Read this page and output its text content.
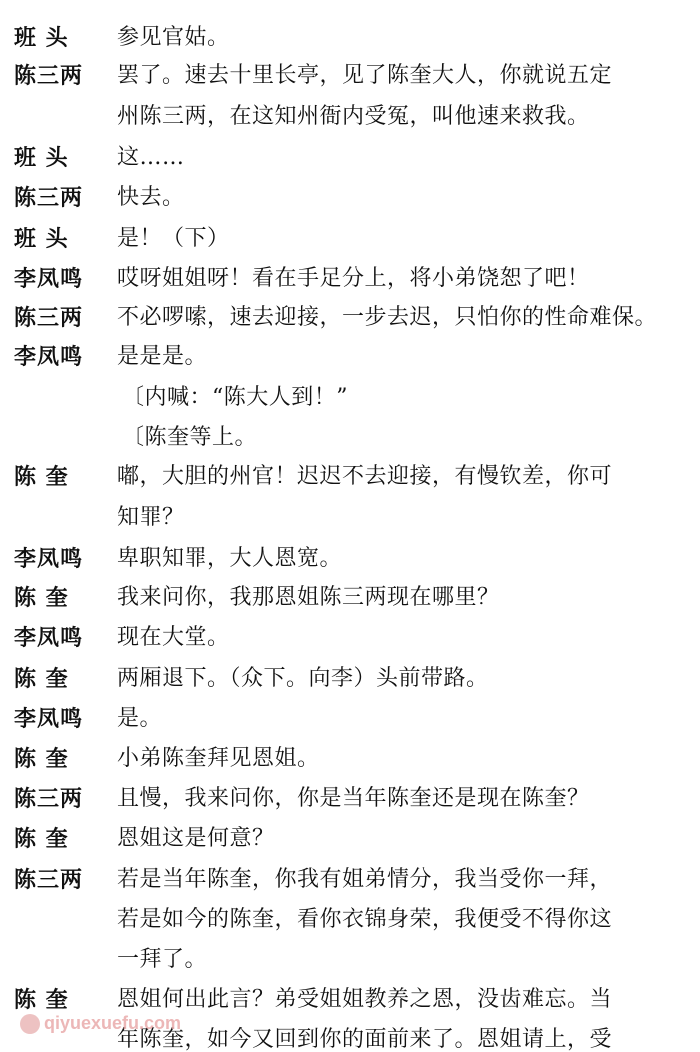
班 头	参见官姑。
陈三两	罢了。速去十里长亭，见了陈奎大人，你就说五定
州陈三两，在这知州衙内受冤，叫他速来救我。
班 头	这……
陈三两	快去。
班 头	是！（下）
李凤鸣	哎呀姐姐呀！看在手足分上，将小弟饶恕了吧！
陈三两	不必啰嗦，速去迎接，一步去迟，只怕你的性命难保。
李凤鸣	是是是。
〔内喊：“陈大人到！”
〔陈奎等上。
陈 奎	嘟，大胆的州官！迟迟不去迎接，有慢钦差，你可
知罪？
李凤鸣	卑职知罪，大人恩宽。
陈 奎	我来问你，我那恩姐陈三两现在哪里？
李凤鸣	现在大堂。
陈 奎	两厢退下。（众下。向李）头前带路。
李凤鸣	是。
陈 奎	小弟陈奎拜见恩姐。
陈三两	且慢，我来问你，你是当年陈奎还是现在陈奎？
陈 奎	恩姐这是何意？
陈三两	若是当年陈奎，你我有姐弟情分，我当受你一拜，
若是如今的陈奎，看你衣锦身荣，我便受不得你这
一拜了。
陈 奎	恩姐何出此言？弟受姐姐教养之恩，没齿难忘。当
年陈奎，如今又回到你的面前来了。恩姐请上，受
qiyuexuefu.com
